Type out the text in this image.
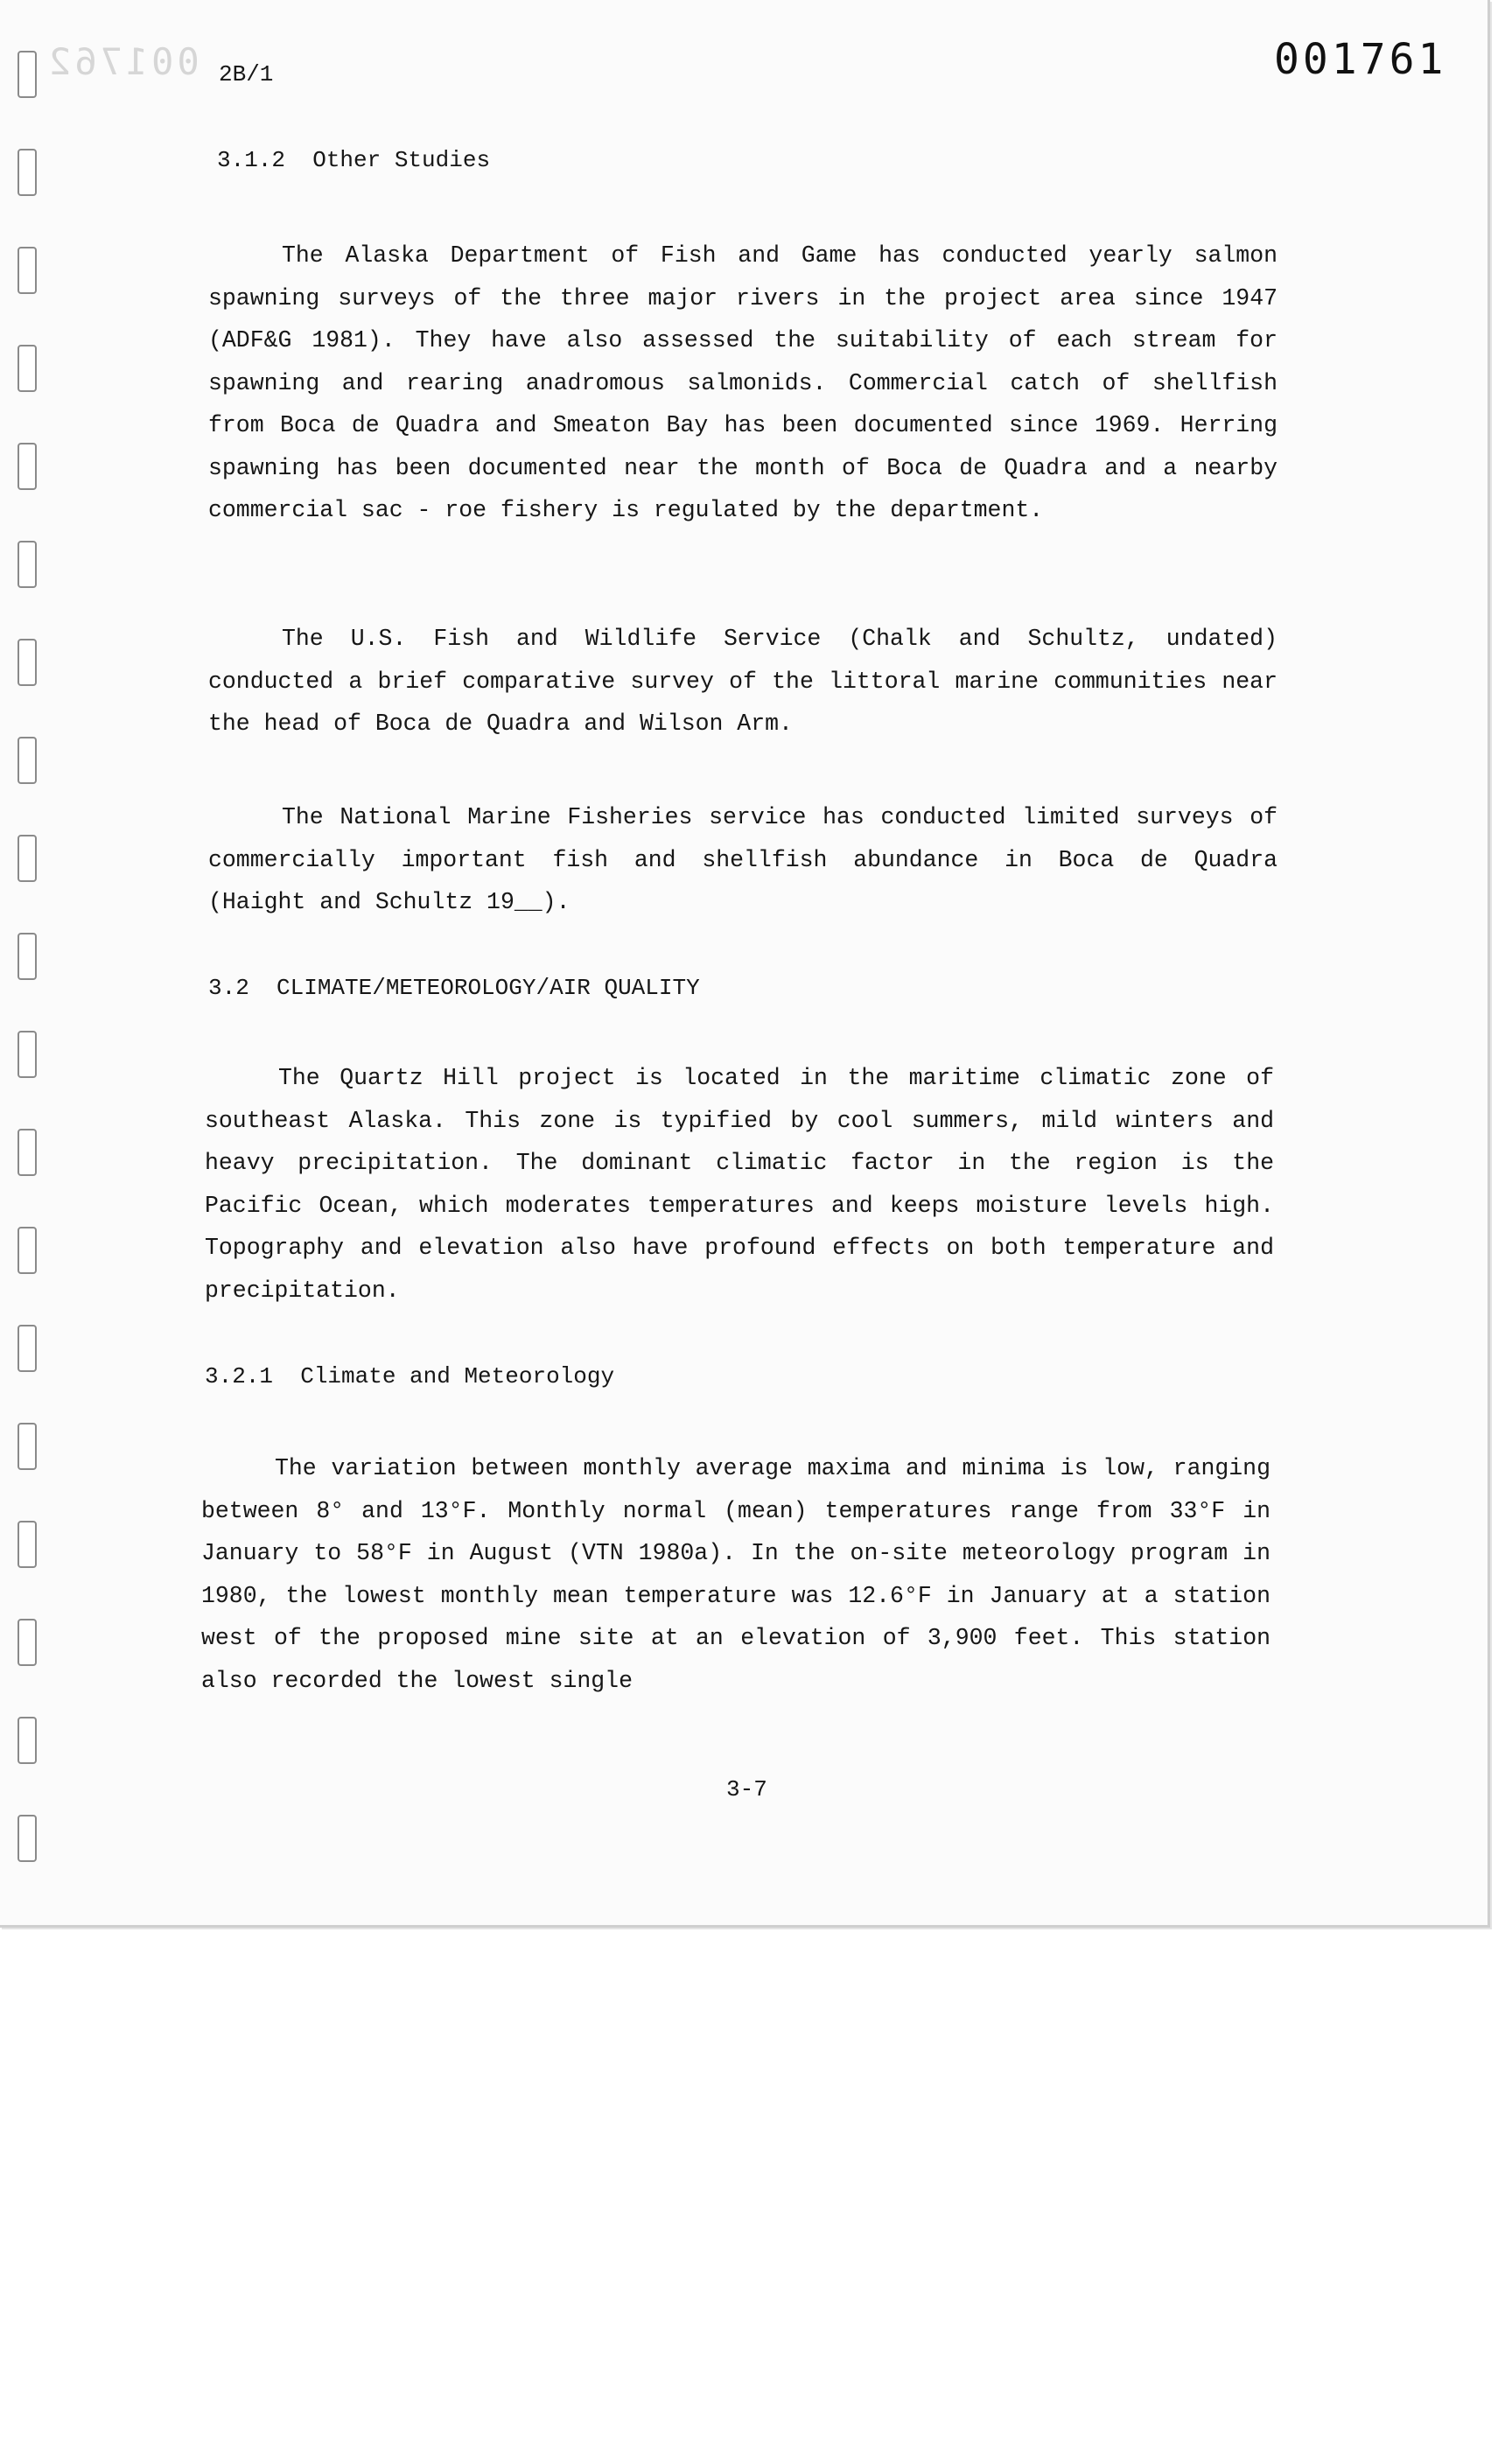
001762	001761
2B/1
3.1.2  Other Studies

The Alaska Department of Fish and Game has conducted yearly salmon spawning surveys of the three major rivers in the project area since 1947 (ADF&G 1981). They have also assessed the suitability of each stream for spawning and rearing anadromous salmonids. Commercial catch of shellfish from Boca de Quadra and Smeaton Bay has been documented since 1969. Herring spawning has been documented near the month of Boca de Quadra and a nearby commercial sac - roe fishery is regulated by the department.

The U.S. Fish and Wildlife Service (Chalk and Schultz, undated) conducted a brief comparative survey of the littoral marine communities near the head of Boca de Quadra and Wilson Arm.

The National Marine Fisheries service has conducted limited surveys of commercially important fish and shellfish abundance in Boca de Quadra (Haight and Schultz 19__).

3.2  CLIMATE/METEOROLOGY/AIR QUALITY

The Quartz Hill project is located in the maritime climatic zone of southeast Alaska. This zone is typified by cool summers, mild winters and heavy precipitation. The dominant climatic factor in the region is the Pacific Ocean, which moderates temperatures and keeps moisture levels high. Topography and elevation also have profound effects on both temperature and precipitation.

3.2.1  Climate and Meteorology

The variation between monthly average maxima and minima is low, ranging between 8° and 13°F. Monthly normal (mean) temperatures range from 33°F in January to 58°F in August (VTN 1980a). In the on-site meteorology program in 1980, the lowest monthly mean temperature was 12.6°F in January at a station west of the proposed mine site at an elevation of 3,900 feet. This station also recorded the lowest single

3-7
